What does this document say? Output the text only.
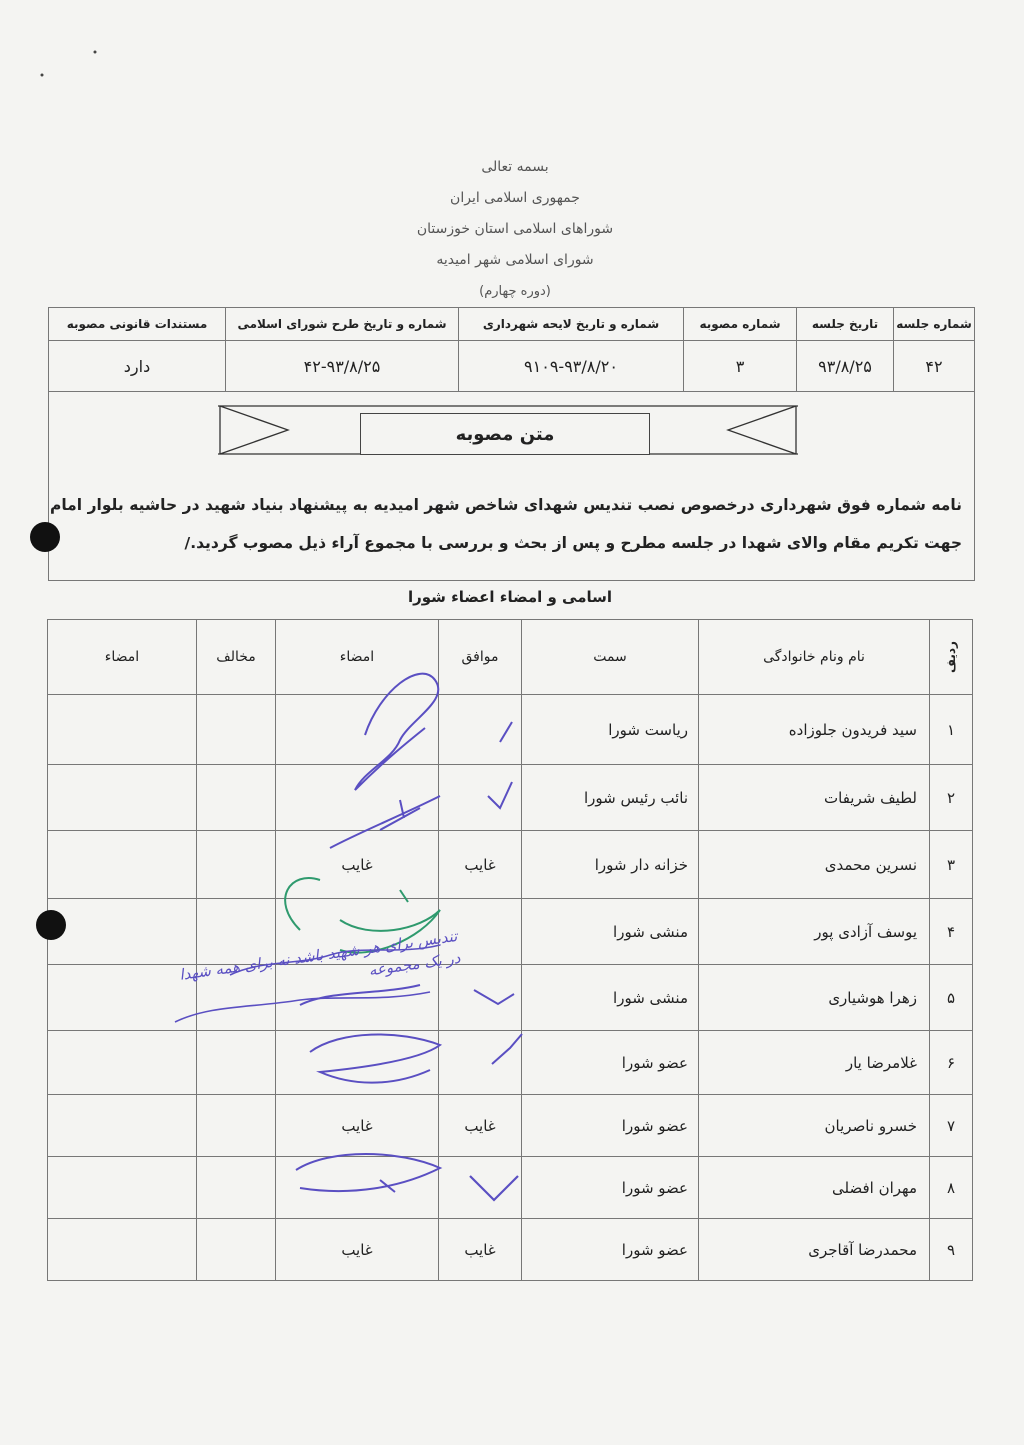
بسمه تعالی
جمهوری اسلامی ایران
شوراهای اسلامی استان خوزستان
شورای اسلامی شهر امیدیه
(دوره چهارم)
شماره جلسه	تاریخ جلسه	شماره مصوبه	شماره و تاریخ لایحه شهرداری	شماره و تاریخ طرح شورای اسلامی	مستندات قانونی مصوبه
۴۲	۹۳/۸/۲۵	۳	۹۱۰۹-۹۳/۸/۲۰	۴۲-۹۳/۸/۲۵	دارد
متن مصوبه
نامه شماره فوق شهرداری درخصوص نصب تندیس شهدای شاخص شهر امیدیه به پیشنهاد بنیاد شهید در حاشیه بلوار امام جهت تکریم مقام والای شهدا در جلسه مطرح و پس از بحث و بررسی با مجموع آراء ذیل مصوب گردید./
اسامی و امضاء اعضاء شورا
ردیف	نام ونام خانوادگی	سمت	موافق	امضاء	مخالف	امضاء
۱	سید فریدون جلوزاده	ریاست شورا				
۲	لطیف شریفات	نائب رئیس شورا				
۳	نسرین محمدی	خزانه دار شورا	غایب	غایب		
۴	یوسف آزادی پور	منشی شورا				
۵	زهرا هوشیاری	منشی شورا				
۶	غلامرضا یار	عضو شورا				
۷	خسرو ناصریان	عضو شورا	غایب	غایب		
۸	مهران افضلی	عضو شورا				
۹	محمدرضا آقاجری	عضو شورا	غایب	غایب		
تندیس برای هر شهید باشد نه برای همه شهدا در یک مجموعه
